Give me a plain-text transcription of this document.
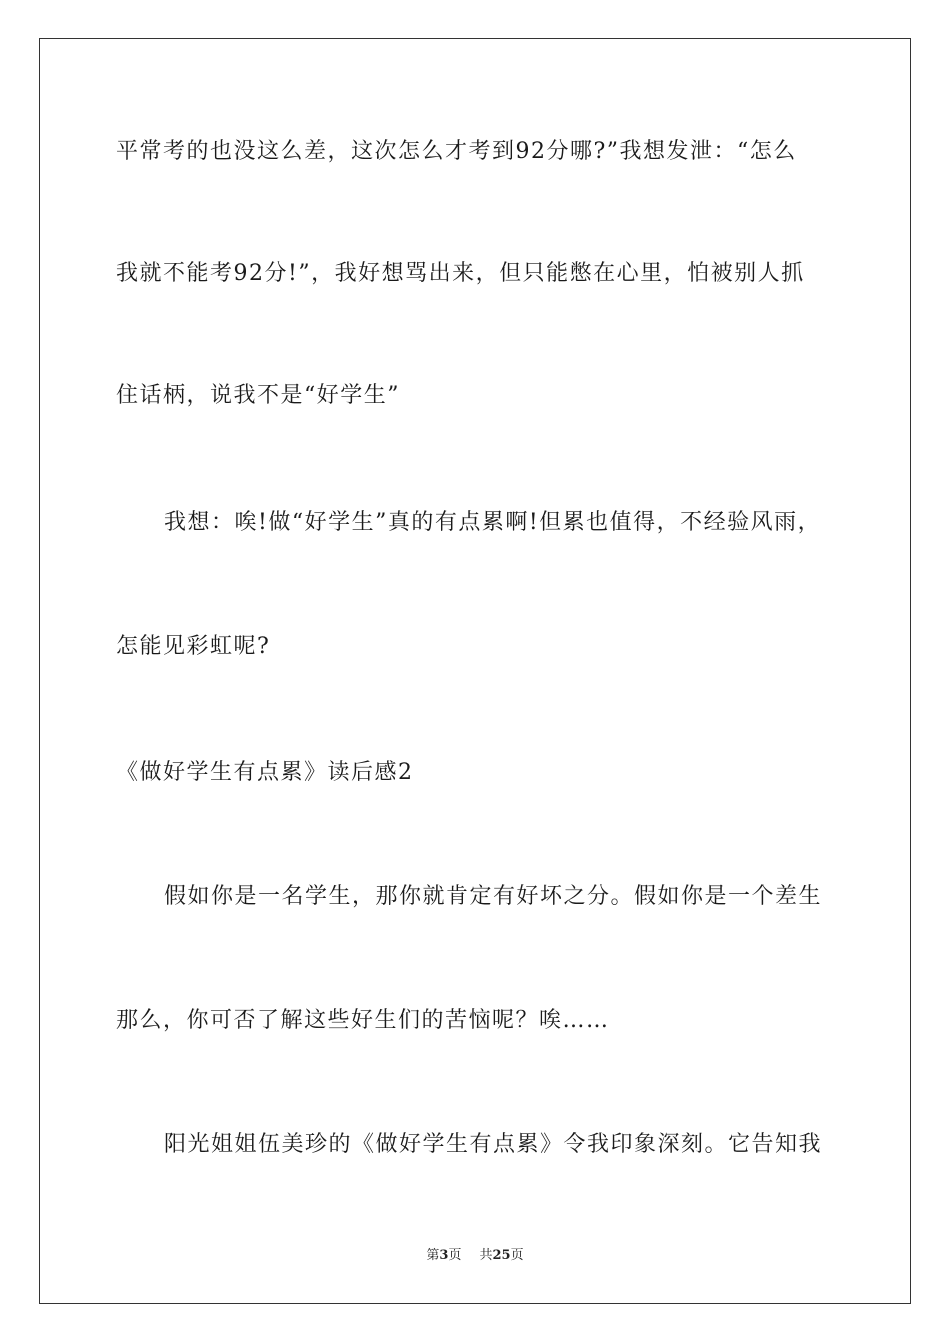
平常考的也没这么差，这次怎么才考到92分哪?”我想发泄：“怎么
我就不能考92分!”，我好想骂出来，但只能憋在心里，怕被别人抓
住话柄，说我不是“好学生”
我想：唉!做“好学生”真的有点累啊!但累也值得，不经验风雨，
怎能见彩虹呢?
《做好学生有点累》读后感2
假如你是一名学生，那你就肯定有好坏之分。假如你是一个差生
那么，你可否了解这些好生们的苦恼呢？唉……
阳光姐姐伍美珍的《做好学生有点累》令我印象深刻。它告知我
第3页 共25页
